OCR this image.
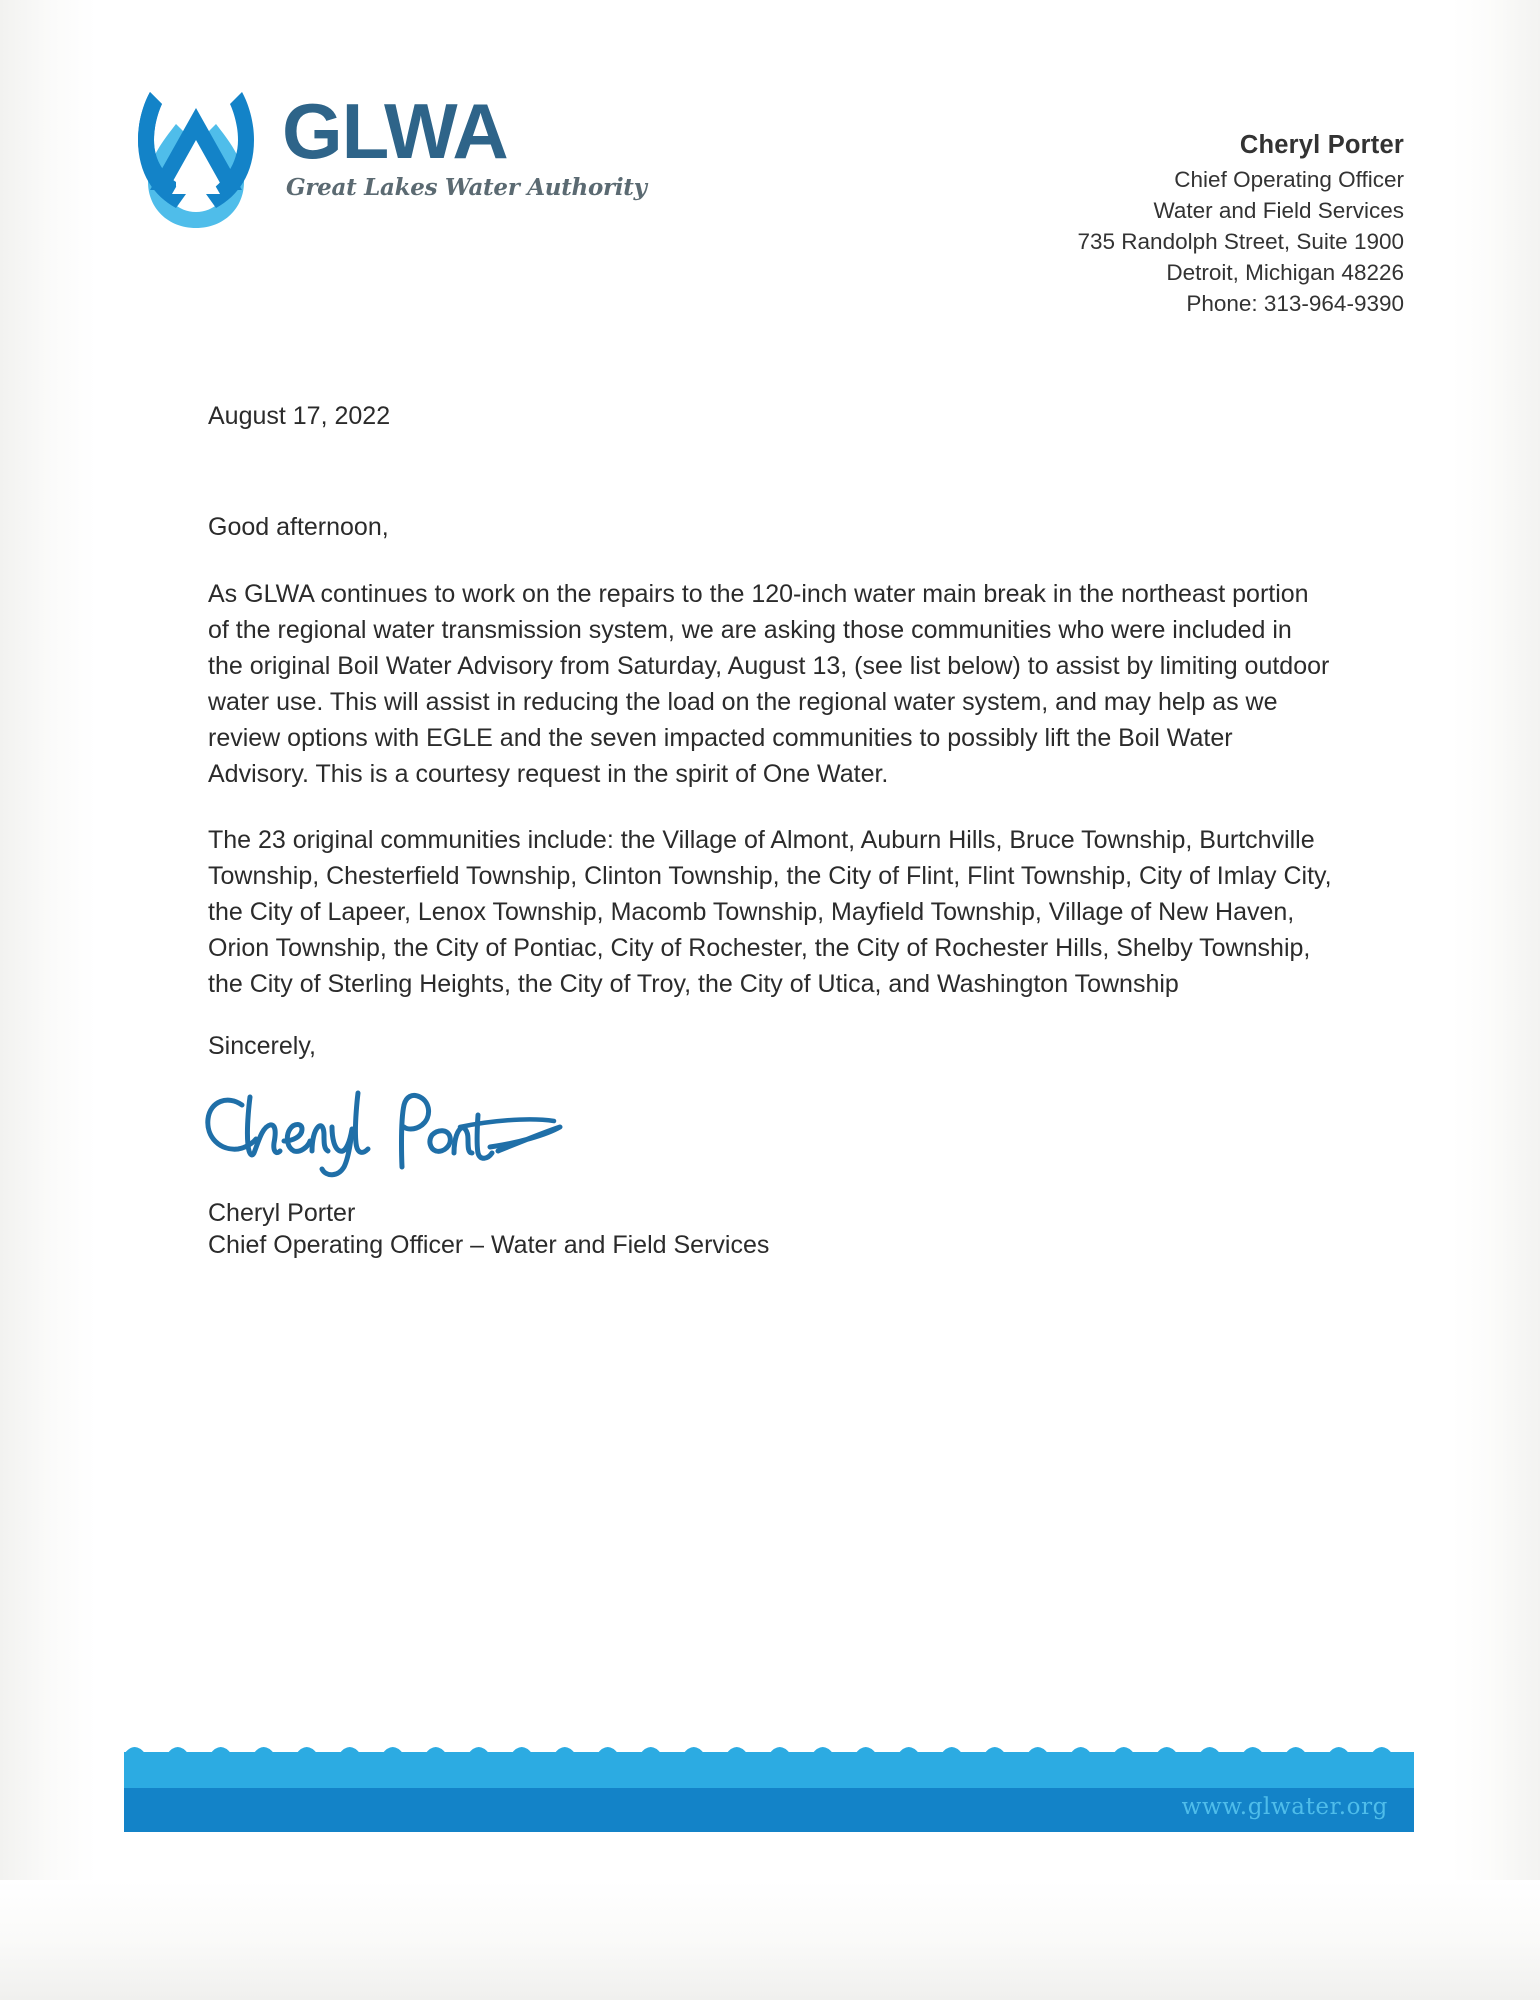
GLWA
Great Lakes Water Authority
Cheryl Porter
Chief Operating Officer
Water and Field Services
735 Randolph Street, Suite 1900
Detroit, Michigan 48226
Phone: 313-964-9390
August 17, 2022
Good afternoon,

As GLWA continues to work on the repairs to the 120-inch water main break in the northeast portion of the regional water transmission system, we are asking those communities who were included in the original Boil Water Advisory from Saturday, August 13, (see list below) to assist by limiting outdoor water use. This will assist in reducing the load on the regional water system, and may help as we review options with EGLE and the seven impacted communities to possibly lift the Boil Water Advisory. This is a courtesy request in the spirit of One Water.

The 23 original communities include: the Village of Almont, Auburn Hills, Bruce Township, Burtchville Township, Chesterfield Township, Clinton Township, the City of Flint, Flint Township, City of Imlay City, the City of Lapeer, Lenox Township, Macomb Township, Mayfield Township, Village of New Haven, Orion Township, the City of Pontiac, City of Rochester, the City of Rochester Hills, Shelby Township, the City of Sterling Heights, the City of Troy, the City of Utica, and Washington Township

Sincerely,
Cheryl Porter
Chief Operating Officer – Water and Field Services
www.glwater.org
